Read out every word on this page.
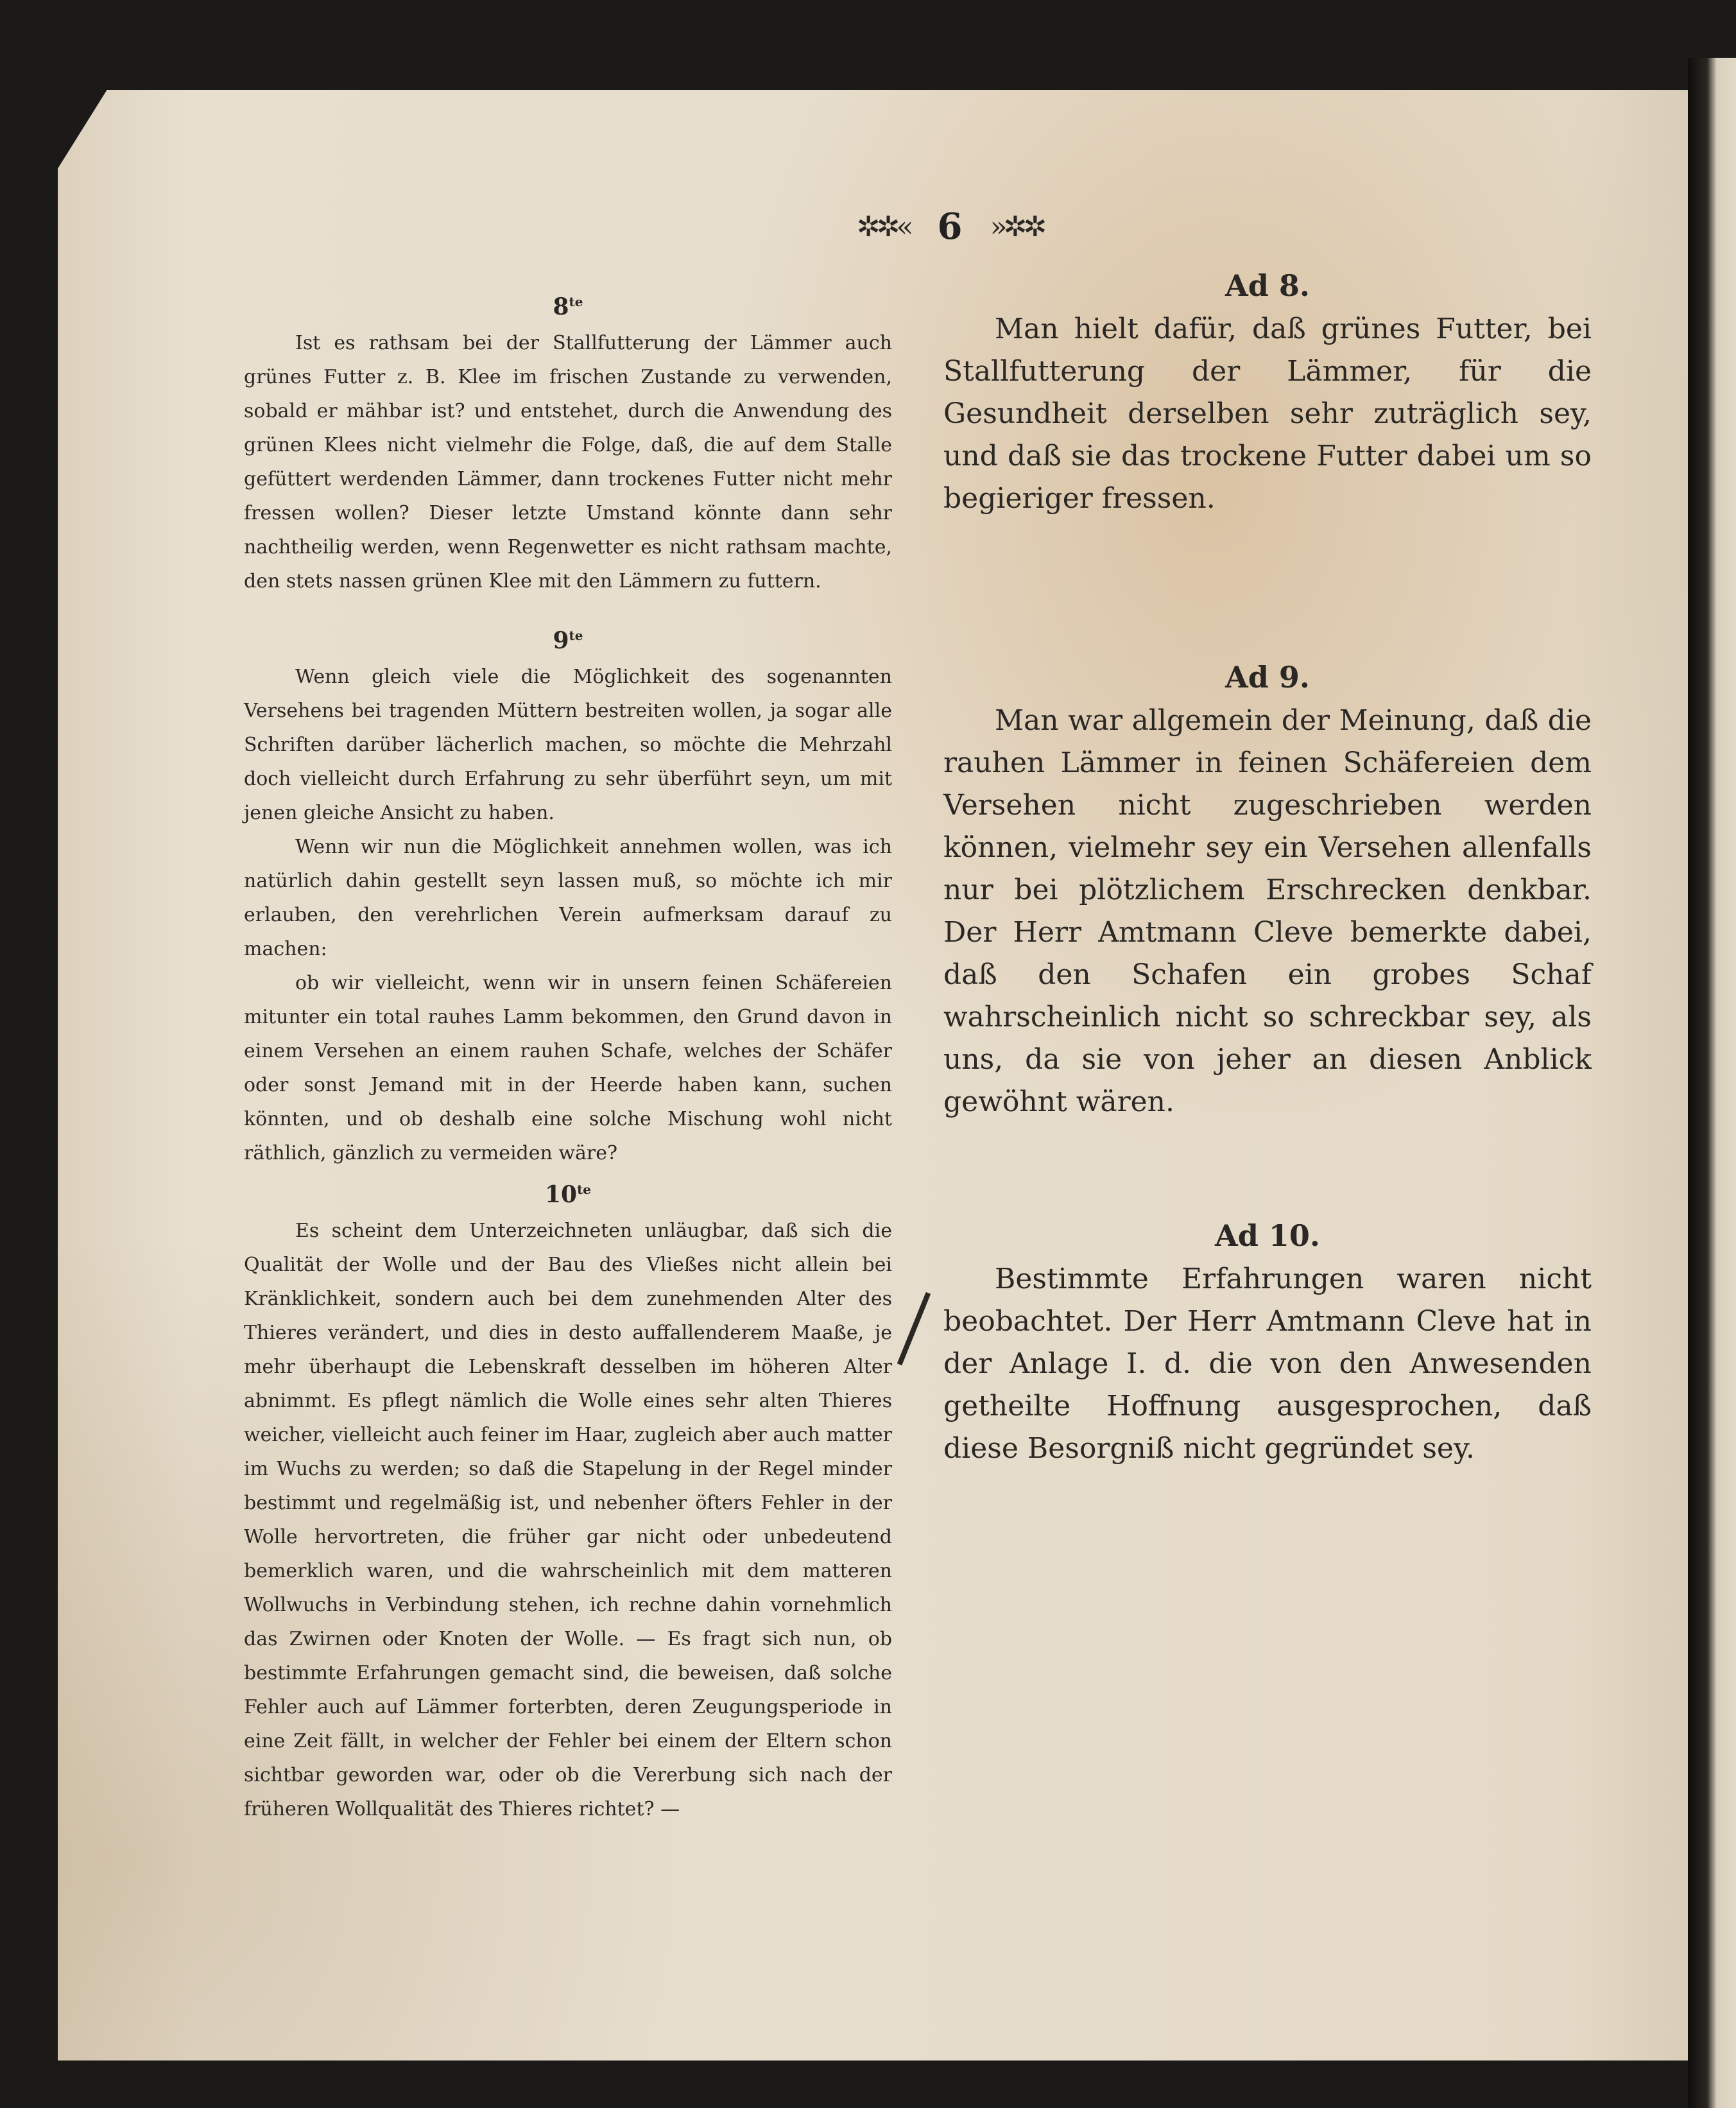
✲✲« 6 »✲✲

$8^{te}$

Ist es rathsam bei der Stallfutterung der Lämmer auch grünes Futter z. B. Klee im frischen Zustande zu verwenden, sobald er mähbar ist? und entstehet, durch die Anwendung des grünen Klees nicht vielmehr die Folge, daß, die auf dem Stalle gefüttert werdenden Lämmer, dann trockenes Futter nicht mehr fressen wollen? Dieser letzte Umstand könnte dann sehr nachtheilig werden, wenn Regenwetter es nicht rathsam machte, den stets nassen grünen Klee mit den Lämmern zu futtern.

$9^{te}$

Wenn gleich viele die Möglichkeit des sogenannten Versehens bei tragenden Müttern bestreiten wollen, ja sogar alle Schriften darüber lächerlich machen, so möchte die Mehrzahl doch vielleicht durch Erfahrung zu sehr überführt seyn, um mit jenen gleiche Ansicht zu haben.

Wenn wir nun die Möglichkeit annehmen wollen, was ich natürlich dahin gestellt seyn lassen muß, so möchte ich mir erlauben, den verehrlichen Verein aufmerksam darauf zu machen:

ob wir vielleicht, wenn wir in unsern feinen Schäfereien mitunter ein total rauhes Lamm bekommen, den Grund davon in einem Versehen an einem rauhen Schafe, welches der Schäfer oder sonst Jemand mit in der Heerde haben kann, suchen könnten, und ob deshalb eine solche Mischung wohl nicht räthlich, gänzlich zu vermeiden wäre?

$10^{te}$

Es scheint dem Unterzeichneten unläugbar, daß sich die Qualität der Wolle und der Bau des Vließes nicht allein bei Kränklichkeit, sondern auch bei dem zunehmenden Alter des Thieres verändert, und dies in desto auffallenderem Maaße, je mehr überhaupt die Lebenskraft desselben im höheren Alter abnimmt. Es pflegt nämlich die Wolle eines sehr alten Thieres weicher, vielleicht auch feiner im Haar, zugleich aber auch matter im Wuchs zu werden; so daß die Stapelung in der Regel minder bestimmt und regelmäßig ist, und nebenher öfters Fehler in der Wolle hervortreten, die früher gar nicht oder unbedeutend bemerklich waren, und die wahrscheinlich mit dem matteren Wollwuchs in Verbindung stehen, ich rechne dahin vornehmlich das Zwirnen oder Knoten der Wolle. — Es fragt sich nun, ob bestimmte Erfahrungen gemacht sind, die beweisen, daß solche Fehler auch auf Lämmer forterbten, deren Zeugungsperiode in eine Zeit fällt, in welcher der Fehler bei einem der Eltern schon sichtbar geworden war, oder ob die Vererbung sich nach der früheren Wollqualität des Thieres richtet? —

Ad 8.

Man hielt dafür, daß grünes Futter, bei Stallfutterung der Lämmer, für die Gesundheit derselben sehr zuträglich sey, und daß sie das trockene Futter dabei um so begieriger fressen.

Ad 9.

Man war allgemein der Meinung, daß die rauhen Lämmer in feinen Schäfereien dem Versehen nicht zugeschrieben werden können, vielmehr sey ein Versehen allenfalls nur bei plötzlichem Erschrecken denkbar. Der Herr Amtmann Cleve bemerkte dabei, daß den Schafen ein grobes Schaf wahrscheinlich nicht so schreckbar sey, als uns, da sie von jeher an diesen Anblick gewöhnt wären.

Ad 10.

Bestimmte Erfahrungen waren nicht beobachtet. Der Herr Amtmann Cleve hat in der Anlage I. d. die von den Anwesenden getheilte Hoffnung ausgesprochen, daß diese Besorgniß nicht gegründet sey.
